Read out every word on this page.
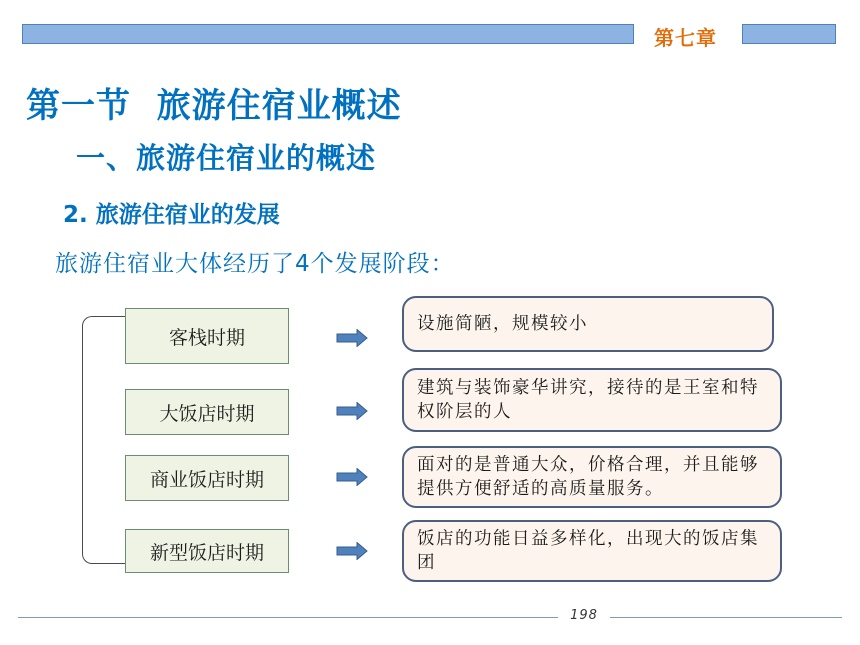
第七章
第一节  旅游住宿业概述
一、旅游住宿业的概述
2. 旅游住宿业的发展
旅游住宿业大体经历了4个发展阶段：
客栈时期
设施简陋，规模较小
大饭店时期
建筑与装饰豪华讲究，接待的是王室和特权阶层的人
商业饭店时期
面对的是普通大众，价格合理，并且能够提供方便舒适的高质量服务。
新型饭店时期
饭店的功能日益多样化，出现大的饭店集团
198
